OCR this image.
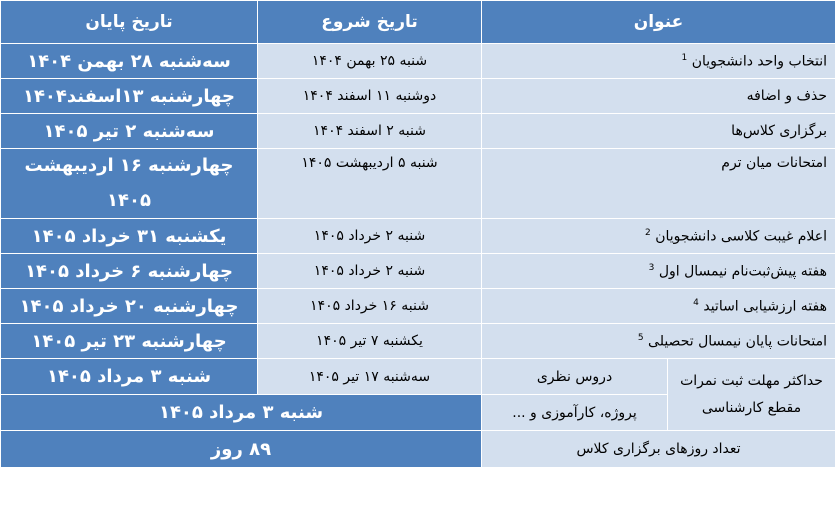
عنوان		تاریخ شروع	تاریخ پایان
انتخاب واحد دانشجویان $^1$		شنبه ۲۵ بهمن ۱۴۰۴	سه‌شنبه ۲۸ بهمن ۱۴۰۴
حذف و اضافه		دوشنبه ۱۱ اسفند ۱۴۰۴	چهارشنبه ۱۳اسفند۱۴۰۴
برگزاری کلاس‌ها		شنبه ۲ اسفند ۱۴۰۴	سه‌شنبه ۲ تیر ۱۴۰۵
امتحانات میان ترم		شنبه ۵ اردیبهشت ۱۴۰۵	چهارشنبه ۱۶ اردیبهشت ۱۴۰۵
اعلام غیبت کلاسی دانشجویان $^2$		شنبه ۲ خرداد ۱۴۰۵	یکشنبه ۳۱ خرداد ۱۴۰۵
هفته پیش‌ثبت‌نام نیمسال اول $^3$		شنبه ۲ خرداد ۱۴۰۵	چهارشنبه ۶ خرداد ۱۴۰۵
هفته ارزشیابی اساتید $^4$		شنبه ۱۶ خرداد ۱۴۰۵	چهارشنبه ۲۰ خرداد ۱۴۰۵
امتحانات پایان نیمسال تحصیلی $^5$		یکشنبه ۷ تیر ۱۴۰۵	چهارشنبه ۲۳ تیر ۱۴۰۵
حداکثر مهلت ثبت نمرات مقطع کارشناسی	دروس نظری	سه‌شنبه ۱۷ تیر ۱۴۰۵	شنبه ۳ مرداد ۱۴۰۵
	پروژه، کارآموزی و ...	شنبه ۳ مرداد ۱۴۰۵	
تعداد روزهای برگزاری کلاس		۸۹ روز	
